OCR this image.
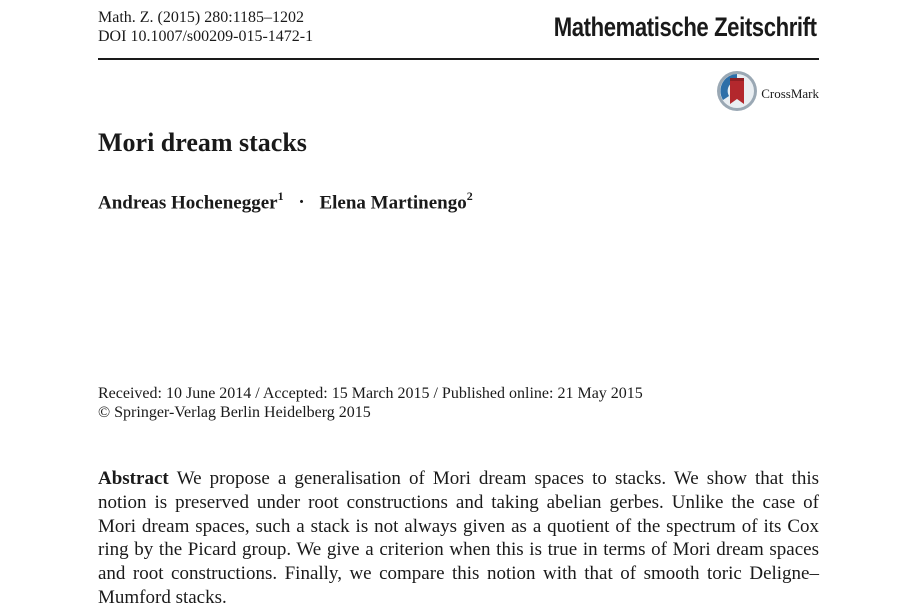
Math. Z. (2015) 280:1185–1202
DOI 10.1007/s00209-015-1472-1	Mathematische Zeitschrift
CrossMark
Mori dream stacks
Andreas Hochenegger$^1$ · Elena Martinengo$^2$
Received: 10 June 2014 / Accepted: 15 March 2015 / Published online: 21 May 2015
© Springer-Verlag Berlin Heidelberg 2015

Abstract We propose a generalisation of Mori dream spaces to stacks. We show that this notion is preserved under root constructions and taking abelian gerbes. Unlike the case of Mori dream spaces, such a stack is not always given as a quotient of the spectrum of its Cox ring by the Picard group. We give a criterion when this is true in terms of Mori dream spaces and root constructions. Finally, we compare this notion with that of smooth toric Deligne–Mumford stacks.
